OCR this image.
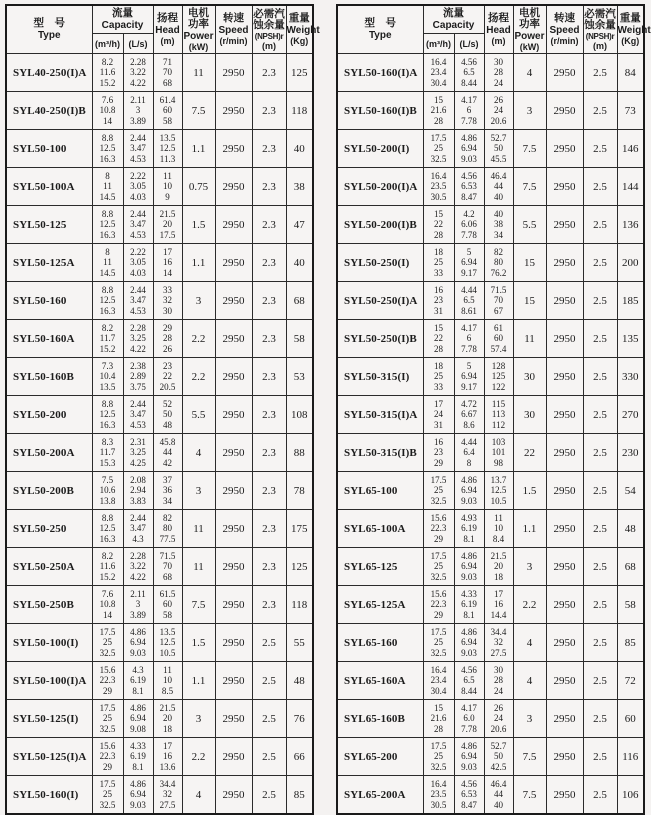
型　号
Type	流量
Capacity		扬程
Head
(m)	电机
功率
Power
(kW)	转速
Speed
(r/min)	必需汽
蚀余量
(NPSH)r
(m)	重量
Weight
(Kg)

	(m³/h)	(L/s)					

SYL40-250(I)A	8.2
11.6
15.2	2.28
3.22
4.22	71
70
68	11	2950	2.3	125
SYL40-250(I)B	7.6
10.8
14	2.11
3
3.89	61.4
60
58	7.5	2950	2.3	118
SYL50-100	8.8
12.5
16.3	2.44
3.47
4.53	13.5
12.5
11.3	1.1	2950	2.3	40
SYL50-100A	8
11
14.5	2.22
3.05
4.03	11
10
9	0.75	2950	2.3	38
SYL50-125	8.8
12.5
16.3	2.44
3.47
4.53	21.5
20
17.5	1.5	2950	2.3	47
SYL50-125A	8
11
14.5	2.22
3.05
4.03	17
16
14	1.1	2950	2.3	40
SYL50-160	8.8
12.5
16.3	2.44
3.47
4.53	33
32
30	3	2950	2.3	68
SYL50-160A	8.2
11.7
15.2	2.28
3.25
4.22	29
28
26	2.2	2950	2.3	58
SYL50-160B	7.3
10.4
13.5	2.38
2.89
3.75	23
22
20.5	2.2	2950	2.3	53
SYL50-200	8.8
12.5
16.3	2.44
3.47
4.53	52
50
48	5.5	2950	2.3	108
SYL50-200A	8.3
11.7
15.3	2.31
3.25
4.25	45.8
44
42	4	2950	2.3	88
SYL50-200B	7.5
10.6
13.8	2.08
2.94
3.83	37
36
34	3	2950	2.3	78
SYL50-250	8.8
12.5
16.3	2.44
3.47
4.3	82
80
77.5	11	2950	2.3	175
SYL50-250A	8.2
11.6
15.2	2.28
3.22
4.22	71.5
70
68	11	2950	2.3	125
SYL50-250B	7.6
10.8
14	2.11
3
3.89	61.5
60
58	7.5	2950	2.3	118
SYL50-100(I)	17.5
25
32.5	4.86
6.94
9.03	13.5
12.5
10.5	1.5	2950	2.5	55
SYL50-100(I)A	15.6
22.3
29	4.3
6.19
8.1	11
10
8.5	1.1	2950	2.5	48
SYL50-125(I)	17.5
25
32.5	4.86
6.94
9.08	21.5
20
18	3	2950	2.5	76
SYL50-125(I)A	15.6
22.3
29	4.33
6.19
8.1	17
16
13.6	2.2	2950	2.5	66
SYL50-160(I)	17.5
25
32.5	4.86
6.94
9.03	34.4
32
27.5	4	2950	2.5	85
型　号
Type	流量
Capacity		扬程
Head
(m)	电机
功率
Power
(kW)	转速
Speed
(r/min)	必需汽
蚀余量
(NPSH)r
(m)	重量
Weight
(Kg)

	(m³/h)	(L/s)					

SYL50-160(I)A	16.4
23.4
30.4	4.56
6.5
8.44	30
28
24	4	2950	2.5	84
SYL50-160(I)B	15
21.6
28	4.17
6
7.78	26
24
20.6	3	2950	2.5	73
SYL50-200(I)	17.5
25
32.5	4.86
6.94
9.03	52.7
50
45.5	7.5	2950	2.5	146
SYL50-200(I)A	16.4
23.5
30.5	4.56
6.53
8.47	46.4
44
40	7.5	2950	2.5	144
SYL50-200(I)B	15
22
28	4.2
6.06
7.78	40
38
34	5.5	2950	2.5	136
SYL50-250(I)	18
25
33	5
6.94
9.17	82
80
76.2	15	2950	2.5	200
SYL50-250(I)A	16
23
31	4.44
6.5
8.61	71.5
70
67	15	2950	2.5	185
SYL50-250(I)B	15
22
28	4.17
6
7.78	61
60
57.4	11	2950	2.5	135
SYL50-315(I)	18
25
33	5
6.94
9.17	128
125
122	30	2950	2.5	330
SYL50-315(I)A	17
24
31	4.72
6.67
8.6	115
113
112	30	2950	2.5	270
SYL50-315(I)B	16
23
29	4.44
6.4
8	103
101
98	22	2950	2.5	230
SYL65-100	17.5
25
32.5	4.86
6.94
9.03	13.7
12.5
10.5	1.5	2950	2.5	54
SYL65-100A	15.6
22.3
29	4.93
6.19
8.1	11
10
8.4	1.1	2950	2.5	48
SYL65-125	17.5
25
32.5	4.86
6.94
9.03	21.5
20
18	3	2950	2.5	68
SYL65-125A	15.6
22.3
29	4.33
6.19
8.1	17
16
14.4	2.2	2950	2.5	58
SYL65-160	17.5
25
32.5	4.86
6.94
9.03	34.4
32
27.5	4	2950	2.5	85
SYL65-160A	16.4
23.4
30.4	4.56
6.5
8.44	30
28
24	4	2950	2.5	72
SYL65-160B	15
21.6
28	4.17
6.0
7.78	26
24
20.6	3	2950	2.5	60
SYL65-200	17.5
25
32.5	4.86
6.94
9.03	52.7
50
42.5	7.5	2950	2.5	116
SYL65-200A	16.4
23.5
30.5	4.56
6.53
8.47	46.4
44
40	7.5	2950	2.5	106
